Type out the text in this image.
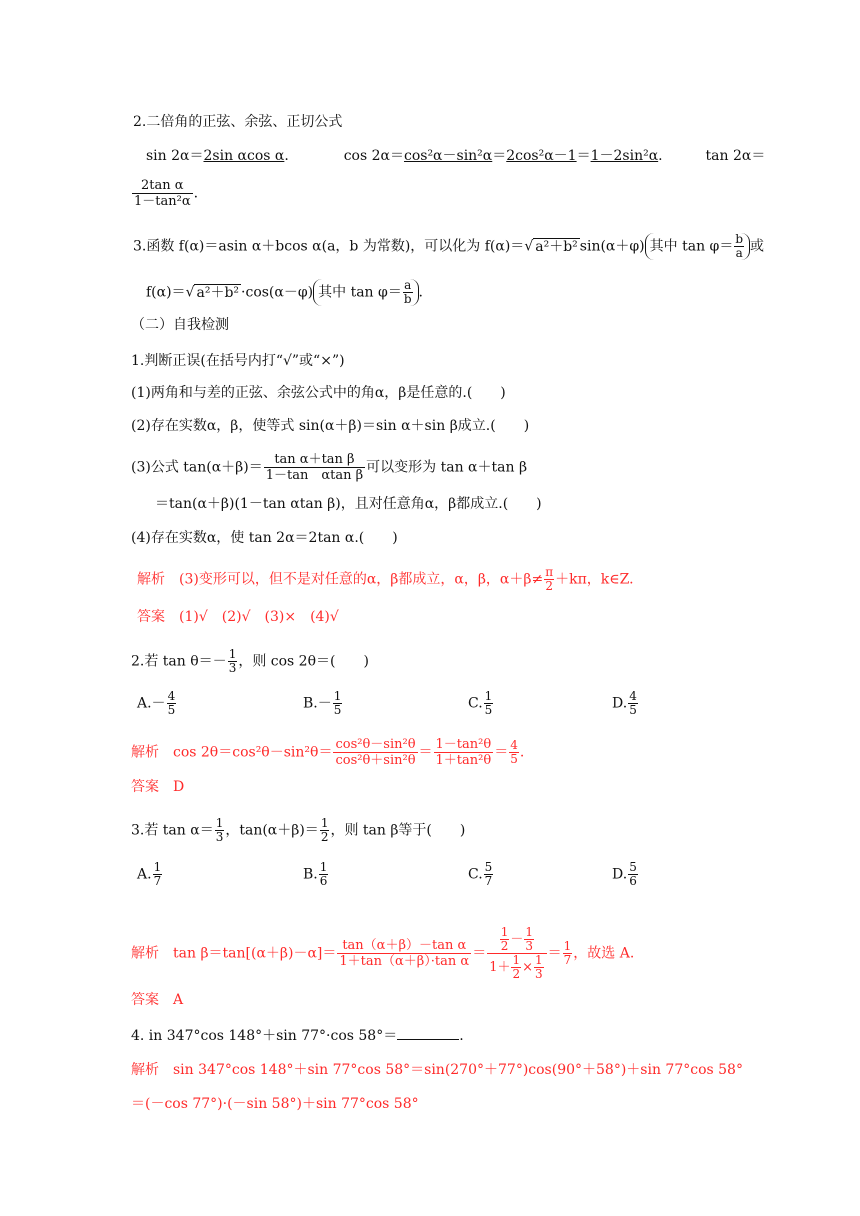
2.二倍角的正弦、余弦、正切公式
sin 2α＝2sin αcos α.	cos 2α＝cos²α－sin²α＝2cos²α－1＝1－2sin²α.	tan 2α＝
$\frac{\text{2tan α}}{\text{1－tan²α}}$ .
3.函数 f(α)＝asin α＋bcos α(a，b 为常数)，可以化为 f(α)＝√ a²＋b² sin(α＋φ) 其中 $\tan \varphi= \frac{b}{a}$ 或
f(α)＝√ a²＋b² ·cos(α－φ) 其中 $\tan \varphi= \frac{a}{b}$ .
（二）自我检测
1.判断正误(在括号内打“√”或“×”)
(1)两角和与差的正弦、余弦公式中的角α，β是任意的.(　　)
(2)存在实数α，β，使等式 sin(α＋β)＝sin α＋sin β成立.(　　)
(3)公式 $\tan(\alpha+\beta)= \frac{\text{tan α＋tan β}}{\text{1－tan　αtan β}}$ 可以变形为 tan α＋tan β
＝tan(α＋β)(1－tan αtan β)，且对任意角α，β都成立.(　　)
(4)存在实数α，使 tan 2α＝2tan α.(　　)
解析　(3)变形可以，但不是对任意的α，β都成立，α，β，$\alpha+\beta\ne \frac{\pi}{2} +k\pi$，k∈Z.
答案　(1)√　(2)√　(3)×　(4)√
2.若 $\tan \theta=- \frac{1}{3}$ ，则 cos 2θ＝(　　)
$A.- \frac{4}{5}$	$B.- \frac{1}{5}$	C. $\frac{1}{5}$	D. $\frac{4}{5}$
解析　$\cos 2\theta=\cos^2\theta-\sin^2\theta= \frac{\text{cos²θ－sin²θ}}{\text{cos²θ＋sin²θ}} = \frac{\text{1－tan²θ}}{\text{1＋tan²θ}} = \frac{4}{5}$ .
答案　D
3.若 $\tan \alpha= \frac{1}{3}$ ，$\tan(\alpha+\beta)= \frac{1}{2}$ ，则 tan β等于(　　)
A. $\frac{1}{7}$	B. $\frac{1}{6}$	C. $\frac{5}{7}$	D. $\frac{5}{6}$
解析　$\tan \beta=\tan[(\alpha+\beta)-\alpha]= \frac{\text{tan（α＋β）－tan α}}{\text{1＋tan（α＋β）·tan α}} = \frac{\frac{1}{2} - \frac{1}{3}}{1+ \frac{1}{2} \times \frac{1}{3}} = \frac{1}{7}$ ，故选 A.
答案　A
4. in 347°cos 148°＋sin 77°·cos 58°＝	.
解析　sin 347°cos 148°＋sin 77°cos 58°＝sin(270°＋77°)cos(90°＋58°)＋sin 77°cos 58°
＝(－cos 77°)·(－sin 58°)＋sin 77°cos 58°
